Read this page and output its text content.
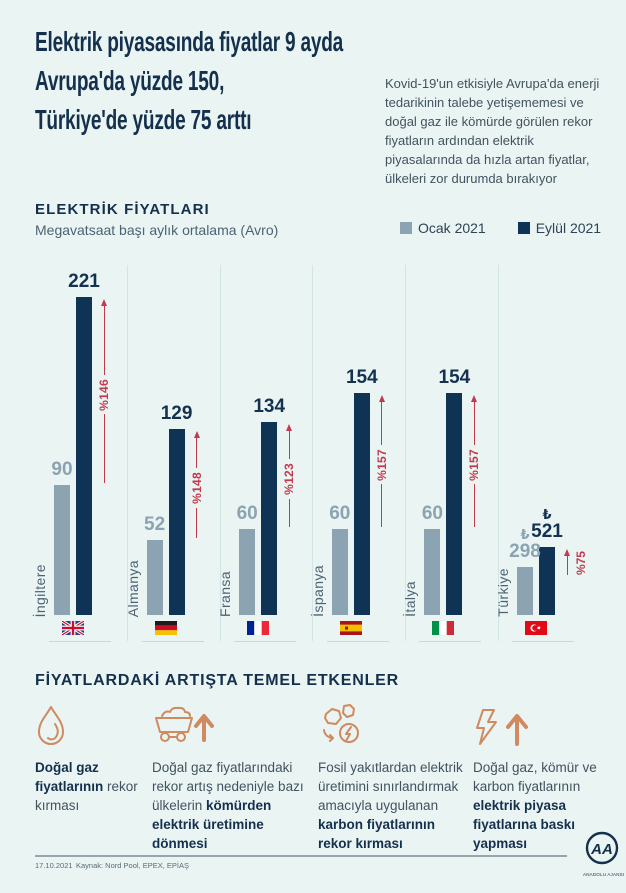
Elektrik piyasasında fiyatlar 9 ayda
Avrupa'da yüzde 150,
Türkiye'de yüzde 75 arttı
Kovid-19'un etkisiyle Avrupa'da enerji tedarikinin talebe yetişememesi ve doğal gaz ile kömürde görülen rekor fiyatların ardından elektrik piyasalarında da hızla artan fiyatlar, ülkeleri zor durumda bırakıyor
ELEKTRİK FİYATLARI
Megavatsaat başı aylık ortalama (Avro)	Ocak 2021	Eylül 2021
İngiltere
90
221
%146
Almanya
52
129
%148
Fransa
60
134
%123
İspanya
60
154
%157
İtalya
60
154
%157
Türkiye
₺
298
₺
521
%75
FİYATLARDAKİ ARTIŞTA TEMEL ETKENLER

Doğal gaz fiyatlarının rekor kırması

Doğal gaz fiyatlarındaki rekor artış nedeniyle bazı ülkelerin kömürden elektrik üretimine dönmesi

Fosil yakıtlardan elektrik üretimini sınırlandırmak amacıyla uygulanan karbon fiyatlarının rekor kırması

Doğal gaz, kömür ve karbon fiyatlarının elektrik piyasa fiyatlarına baskı yapması

17.10.2021 Kaynak: Nord Pool, EPEX, EPİAŞ
AA
ANADOLU AJANSI
